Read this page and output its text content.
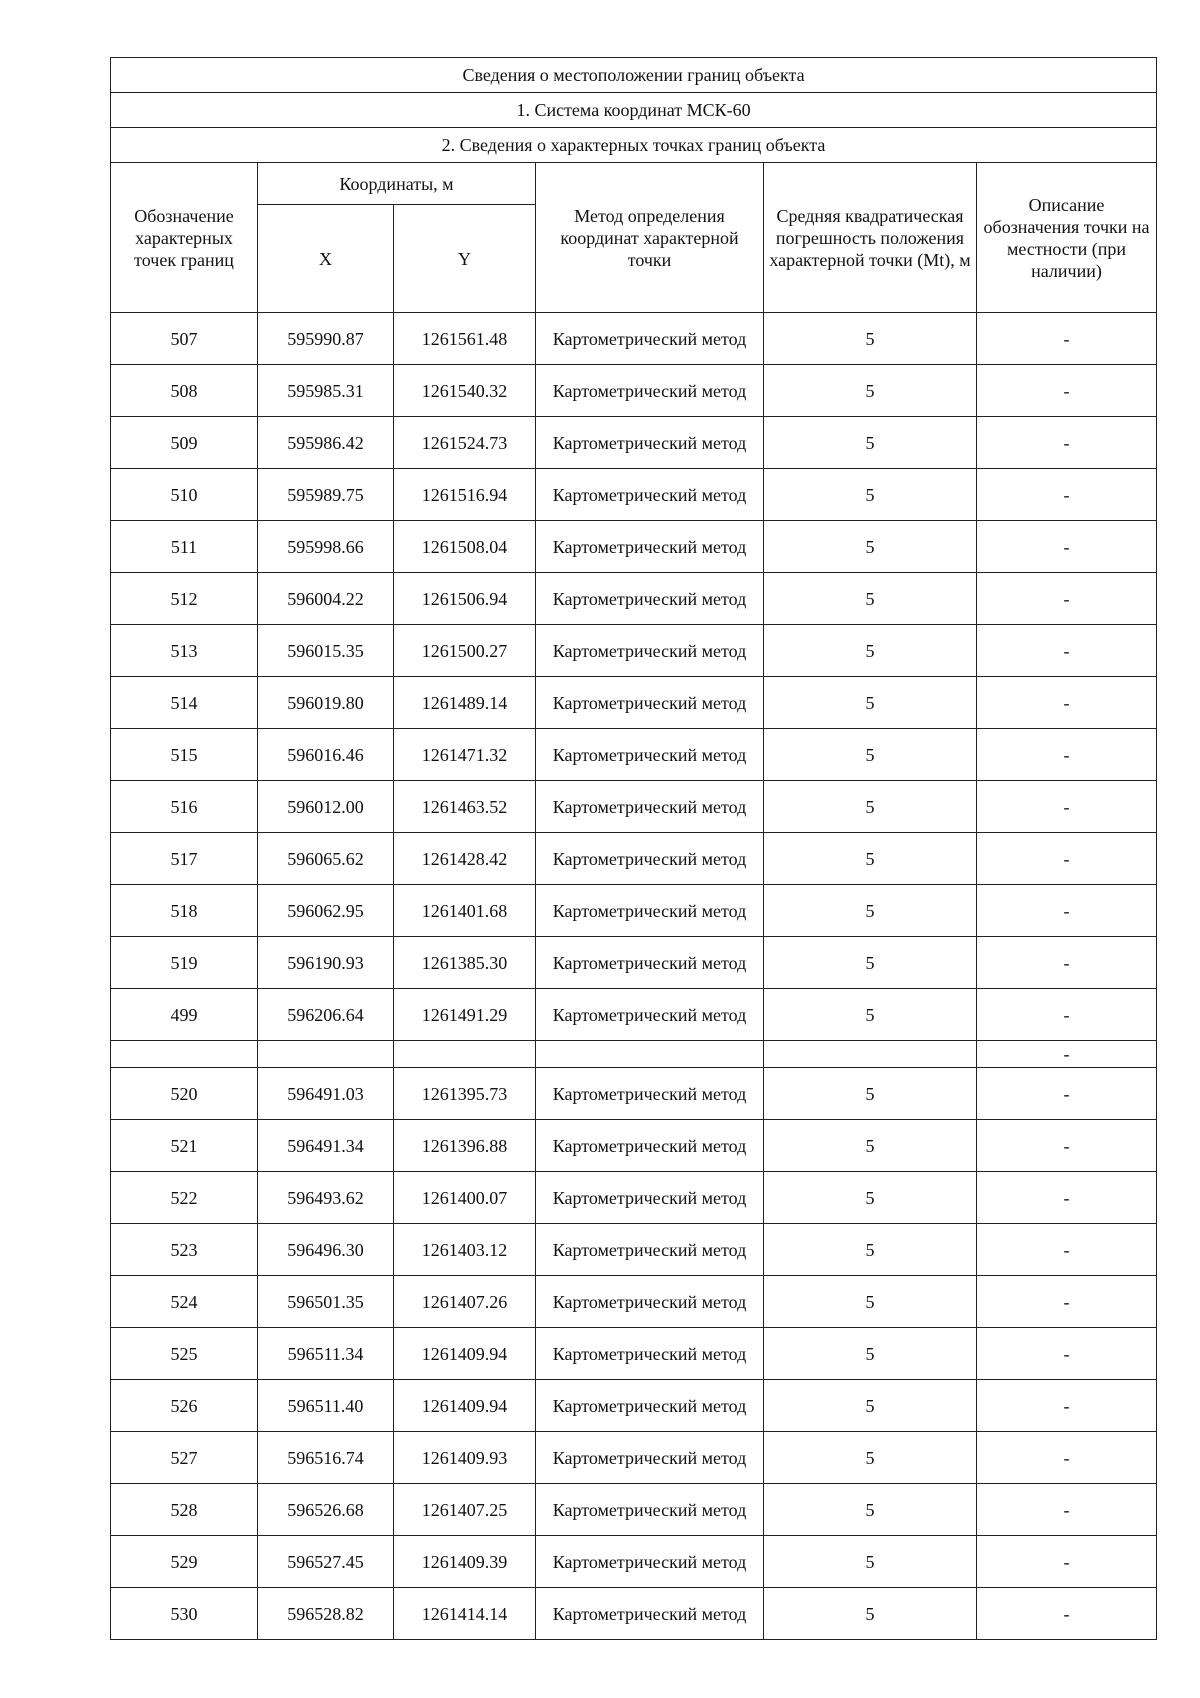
Сведения о местоположении границ объекта					
1. Система координат МСК-60					
2. Сведения о характерных точках границ объекта					
Обозначение характерных точек границ	Координаты, м		Метод определения координат характерной точки	Средняя квадратическая погрешность положения характерной точки (Mt), м	Описание обозначения точки на местности (при наличии)
	X	Y			
507	595990.87	1261561.48	Картометрический метод	5	-
508	595985.31	1261540.32	Картометрический метод	5	-
509	595986.42	1261524.73	Картометрический метод	5	-
510	595989.75	1261516.94	Картометрический метод	5	-
511	595998.66	1261508.04	Картометрический метод	5	-
512	596004.22	1261506.94	Картометрический метод	5	-
513	596015.35	1261500.27	Картометрический метод	5	-
514	596019.80	1261489.14	Картометрический метод	5	-
515	596016.46	1261471.32	Картометрический метод	5	-
516	596012.00	1261463.52	Картометрический метод	5	-
517	596065.62	1261428.42	Картометрический метод	5	-
518	596062.95	1261401.68	Картометрический метод	5	-
519	596190.93	1261385.30	Картометрический метод	5	-
499	596206.64	1261491.29	Картометрический метод	5	-
					-
520	596491.03	1261395.73	Картометрический метод	5	-
521	596491.34	1261396.88	Картометрический метод	5	-
522	596493.62	1261400.07	Картометрический метод	5	-
523	596496.30	1261403.12	Картометрический метод	5	-
524	596501.35	1261407.26	Картометрический метод	5	-
525	596511.34	1261409.94	Картометрический метод	5	-
526	596511.40	1261409.94	Картометрический метод	5	-
527	596516.74	1261409.93	Картометрический метод	5	-
528	596526.68	1261407.25	Картометрический метод	5	-
529	596527.45	1261409.39	Картометрический метод	5	-
530	596528.82	1261414.14	Картометрический метод	5	-
